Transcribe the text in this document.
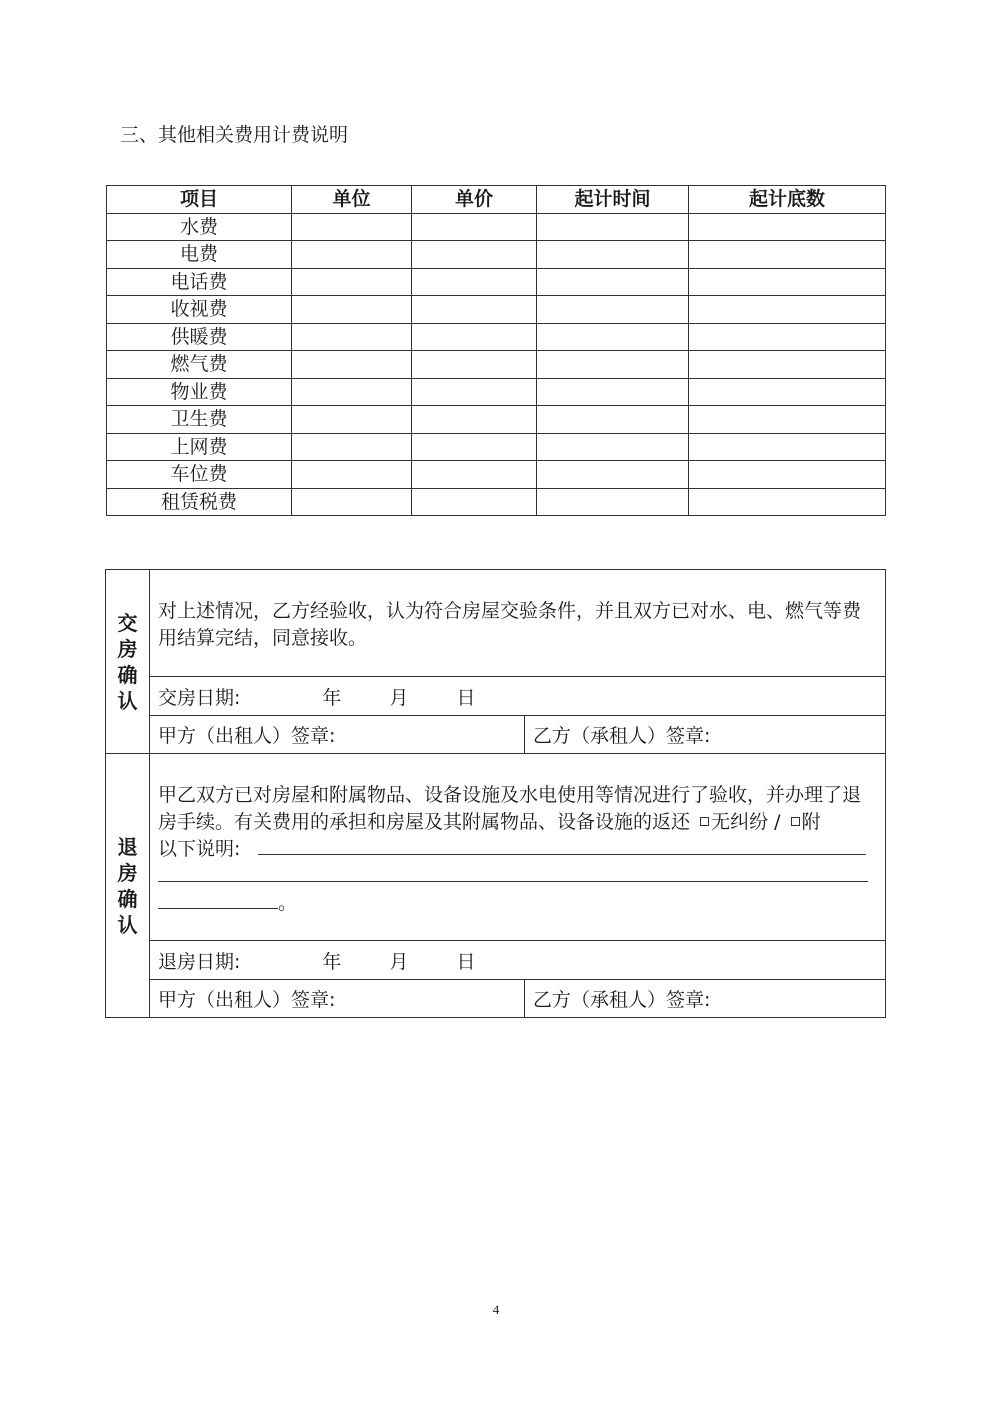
三、其他相关费用计费说明
项目	单位	单价	起计时间	起计底数
水费				
电费				
电话费				
收视费				
供暖费				
燃气费				
物业费				
卫生费				
上网费				
车位费				
租赁税费				
交
房
确
认	对上述情况，乙方经验收，认为符合房屋交验条件，并且双方已对水、电、燃气等费用结算完结，同意接收。	
	交房日期: 年 月 日	
	甲方（出租人）签章:	乙方（承租人）签章:

退
房
确
认	甲乙双方已对房屋和附属物品、设备设施及水电使用等情况进行了验收，并办理了退房手续。有关费用的承担和房屋及其附属物品、设备设施的返还 无纠纷 / 附
以下说明:

。	
	退房日期: 年 月 日	
	甲方（出租人）签章:	乙方（承租人）签章:
4
